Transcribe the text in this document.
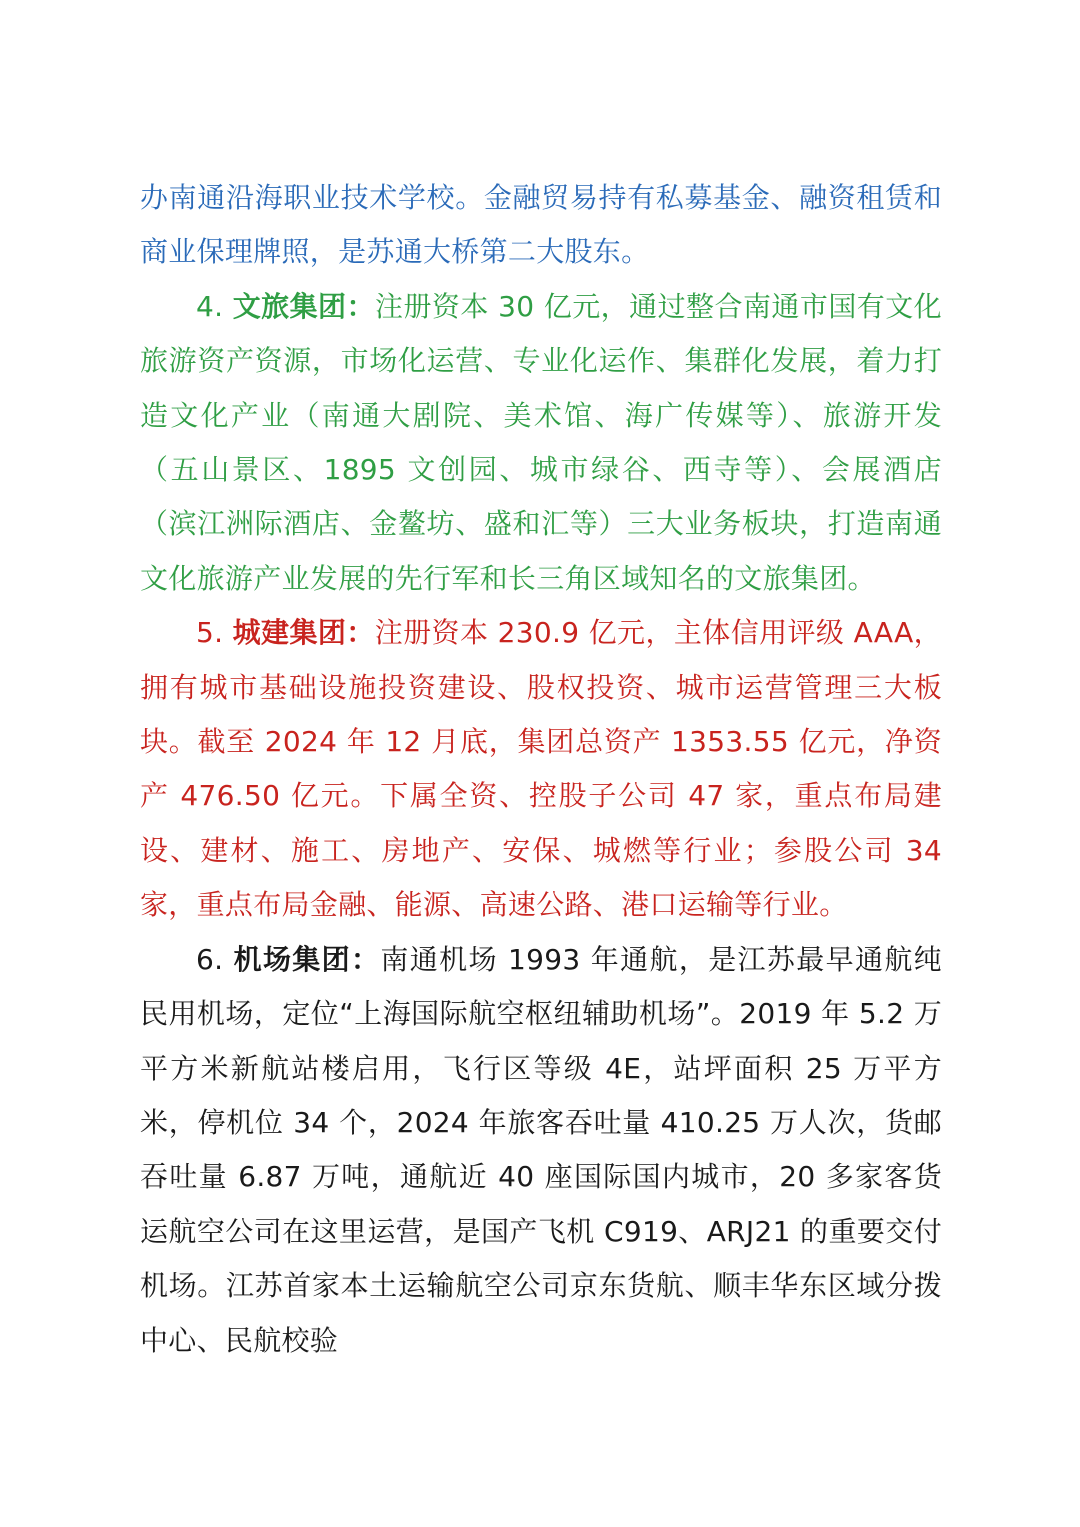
办南通沿海职业技术学校。金融贸易持有私募基金、融资租赁和商业保理牌照，是苏通大桥第二大股东。

4. 文旅集团：注册资本 30 亿元，通过整合南通市国有文化旅游资产资源，市场化运营、专业化运作、集群化发展，着力打造文化产业（南通大剧院、美术馆、海广传媒等）、旅游开发（五山景区、1895 文创园、城市绿谷、西寺等）、会展酒店（滨江洲际酒店、金鳌坊、盛和汇等）三大业务板块，打造南通文化旅游产业发展的先行军和长三角区域知名的文旅集团。

5. 城建集团：注册资本 230.9 亿元，主体信用评级 AAA，拥有城市基础设施投资建设、股权投资、城市运营管理三大板块。截至 2024 年 12 月底，集团总资产 1353.55 亿元，净资产 476.50 亿元。下属全资、控股子公司 47 家，重点布局建设、建材、施工、房地产、安保、城燃等行业；参股公司 34 家，重点布局金融、能源、高速公路、港口运输等行业。

6. 机场集团：南通机场 1993 年通航，是江苏最早通航纯民用机场，定位“上海国际航空枢纽辅助机场”。2019 年 5.2 万平方米新航站楼启用，飞行区等级 4E，站坪面积 25 万平方米，停机位 34 个，2024 年旅客吞吐量 410.25 万人次，货邮吞吐量 6.87 万吨，通航近 40 座国际国内城市，20 多家客货运航空公司在这里运营，是国产飞机 C919、ARJ21 的重要交付机场。江苏首家本土运输航空公司京东货航、顺丰华东区域分拨中心、民航校验
